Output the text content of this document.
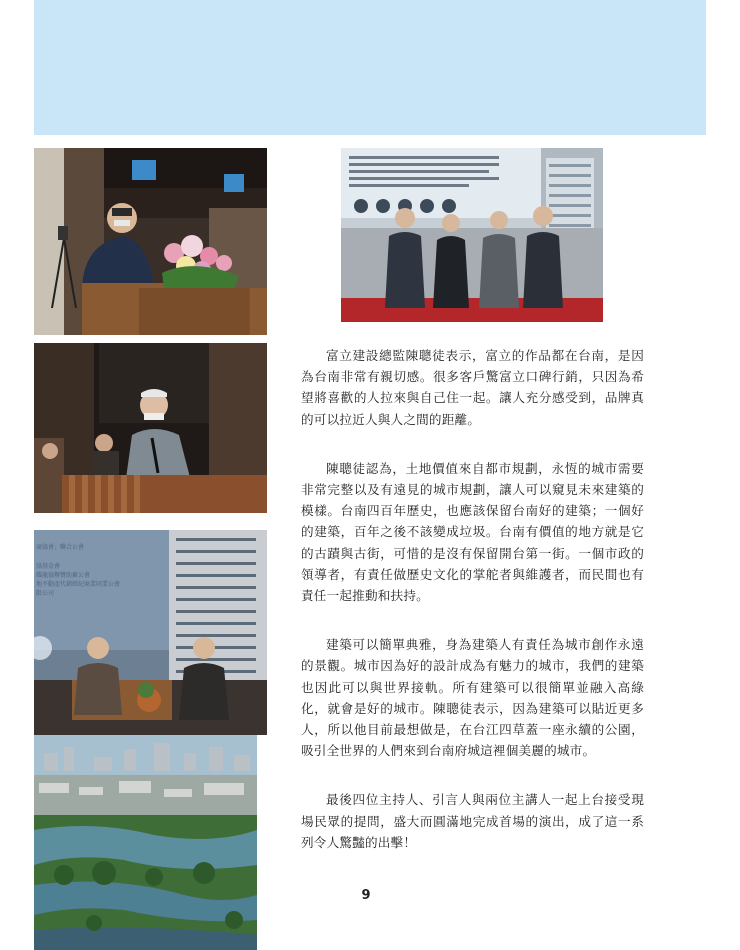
商協會」聯合公會
協基金會
耀龍協辦贊助廠公會
地不動產代銷經紀商業同業公會
限公司

富立建設總監陳聰徒表示，富立的作品都在台南，是因為台南非常有親切感。很多客戶驚富立口碑行銷，只因為希望將喜歡的人拉來與自己住一起。讓人充分感受到，品牌真的可以拉近人與人之間的距離。

陳聰徒認為，土地價值來自都市規劃，永恆的城市需要非常完整以及有遠見的城市規劃，讓人可以窺見未來建築的模樣。台南四百年歷史，也應該保留台南好的建築；一個好的建築，百年之後不該變成垃圾。台南有價值的地方就是它的古蹟與古街，可惜的是沒有保留開台第一街。一個市政的領導者，有責任做歷史文化的掌舵者與維護者，而民間也有責任一起推動和扶持。

建築可以簡單典雅，身為建築人有責任為城市創作永遠的景觀。城市因為好的設計成為有魅力的城市，我們的建築也因此可以與世界接軌。所有建築可以很簡單並融入高綠化，就會是好的城市。陳聰徒表示，因為建築可以貼近更多人，所以他目前最想做是，在台江四草蓋一座永續的公園，吸引全世界的人們來到台南府城這裡個美麗的城市。

最後四位主持人、引言人與兩位主講人一起上台接受現場民眾的提問，盛大而圓滿地完成首場的演出，成了這一系列令人驚豔的出擊！

9
